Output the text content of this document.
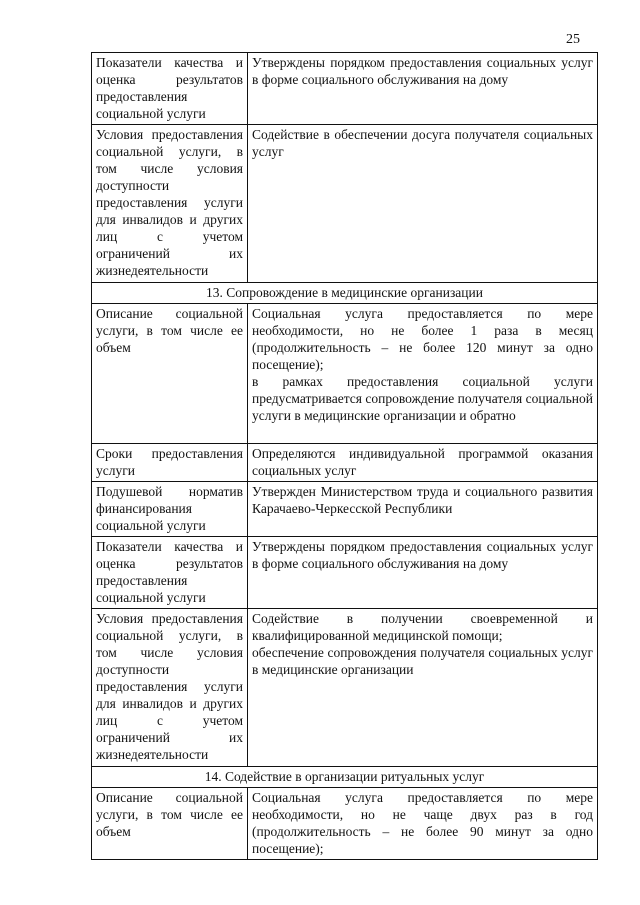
25
Показатели качества и оценка результатов предоставления социальной услуги	Утверждены порядком предоставления социальных услуг в форме социального обслуживания на дому

Условия предоставления социальной услуги, в том числе условия доступности предоставления услуги для инвалидов и других лиц с учетом ограничений их жизнедеятельности	Содействие в обеспечении досуга получателя социальных услуг

13. Сопровождение в медицинские организации	
Описание социальной услуги, в том числе ее объем	Социальная услуга предоставляется по мере необходимости, но не более 1 раза в месяц (продолжительность – не более 120 минут за одно посещение);
в рамках предоставления социальной услуги предусматривается сопровождение получателя социальной услуги в медицинские организации и обратно

Сроки предоставления услуги	Определяются индивидуальной программой оказания социальных услуг

Подушевой норматив финансирования социальной услуги	Утвержден Министерством труда и социального развития Карачаево-Черкесской Республики

Показатели качества и оценка результатов предоставления социальной услуги	Утверждены порядком предоставления социальных услуг в форме социального обслуживания на дому

Условия предоставления социальной услуги, в том числе условия доступности предоставления услуги для инвалидов и других лиц с учетом ограничений их жизнедеятельности	Содействие в получении своевременной и квалифицированной медицинской помощи;
обеспечение сопровождения получателя социальных услуг в медицинские организации

14. Содействие в организации ритуальных услуг	
Описание социальной услуги, в том числе ее объем	Социальная услуга предоставляется по мере необходимости, но не чаще двух раз в год (продолжительность – не более 90 минут за одно посещение);
